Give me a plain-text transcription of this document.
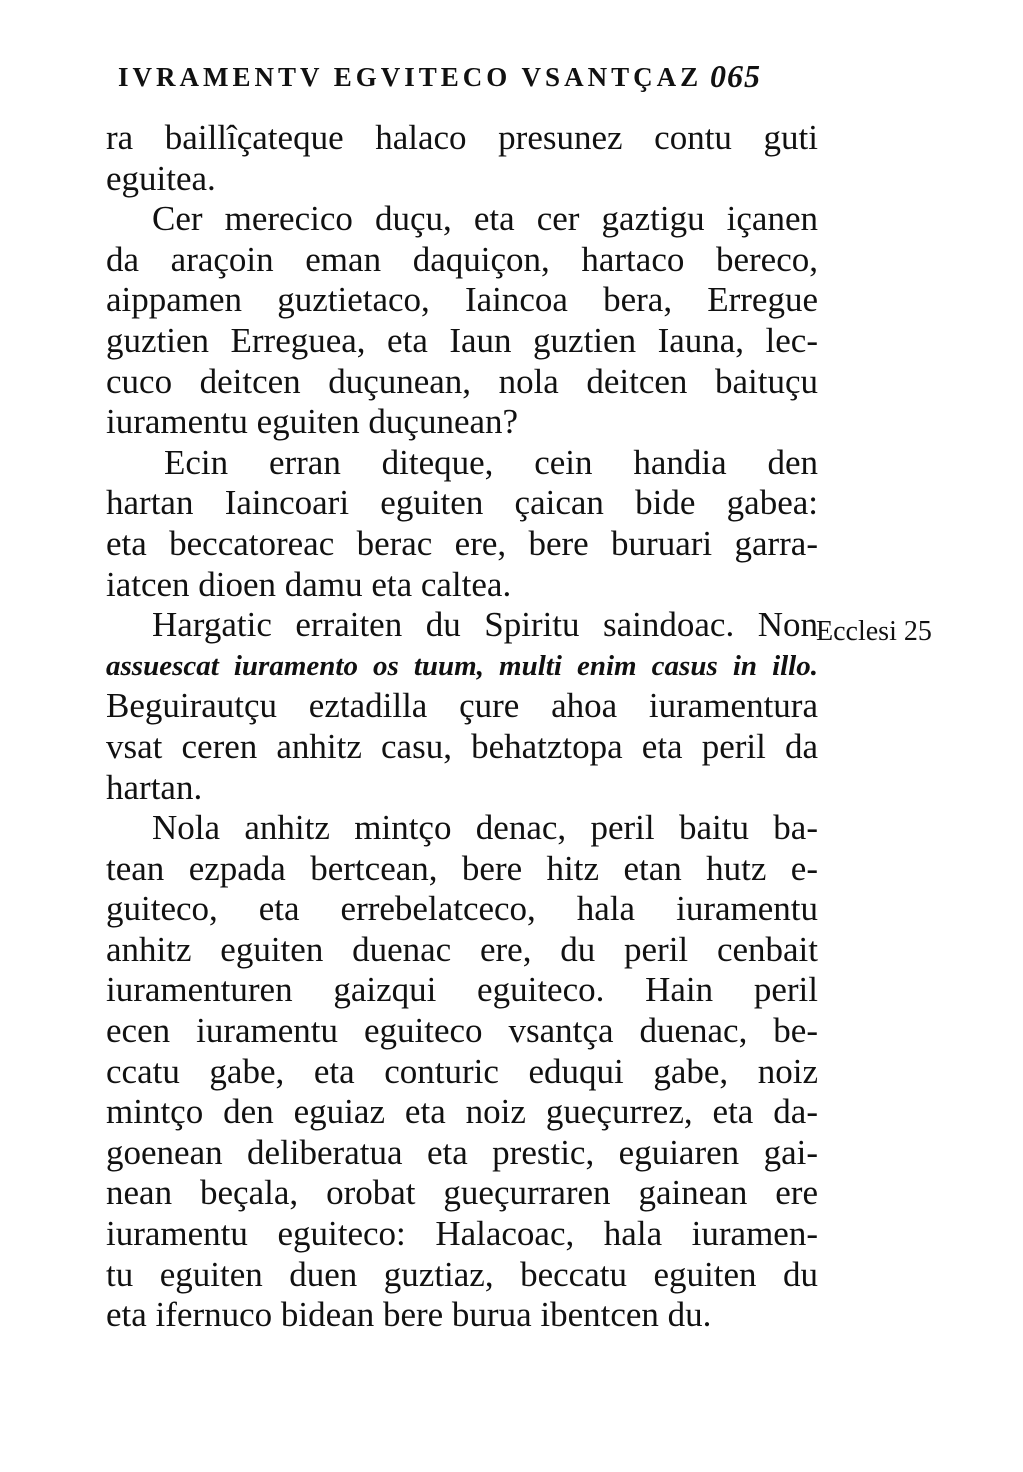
IVRAMENTV EGVITECO VSANTÇAZ 065
ra baillîçateque halaco presunez contu guti
eguitea.
Cer merecico duçu, eta cer gaztigu içanen
da araçoin eman daquiçon, hartaco bereco,
aippamen guztietaco, Iaincoa bera, Erregue
guztien Erreguea, eta Iaun guztien Iauna, lec-
cuco deitcen duçunean, nola deitcen baituçu
iuramentu eguiten duçunean?
Ecin erran diteque, cein handia den
hartan Iaincoari eguiten çaican bide gabea:
eta beccatoreac berac ere, bere buruari garra-
iatcen dioen damu eta caltea.
Hargatic erraiten du Spiritu saindoac. Non
assuescat iuramento os tuum, multi enim casus in illo.
Beguirautçu eztadilla çure ahoa iuramentura
vsat ceren anhitz casu, behatztopa eta peril da
hartan.
Nola anhitz mintço denac, peril baitu ba-
tean ezpada bertcean, bere hitz etan hutz e-
guiteco, eta errebelatceco, hala iuramentu
anhitz eguiten duenac ere, du peril cenbait
iuramenturen gaizqui eguiteco. Hain peril
ecen iuramentu eguiteco vsantça duenac, be-
ccatu gabe, eta conturic eduqui gabe, noiz
mintço den eguiaz eta noiz gueçurrez, eta da-
goenean deliberatua eta prestic, eguiaren gai-
nean beçala, orobat gueçurraren gainean ere
iuramentu eguiteco: Halacoac, hala iuramen-
tu eguiten duen guztiaz, beccatu eguiten du
eta ifernuco bidean bere burua ibentcen du.
Ecclesi 25
